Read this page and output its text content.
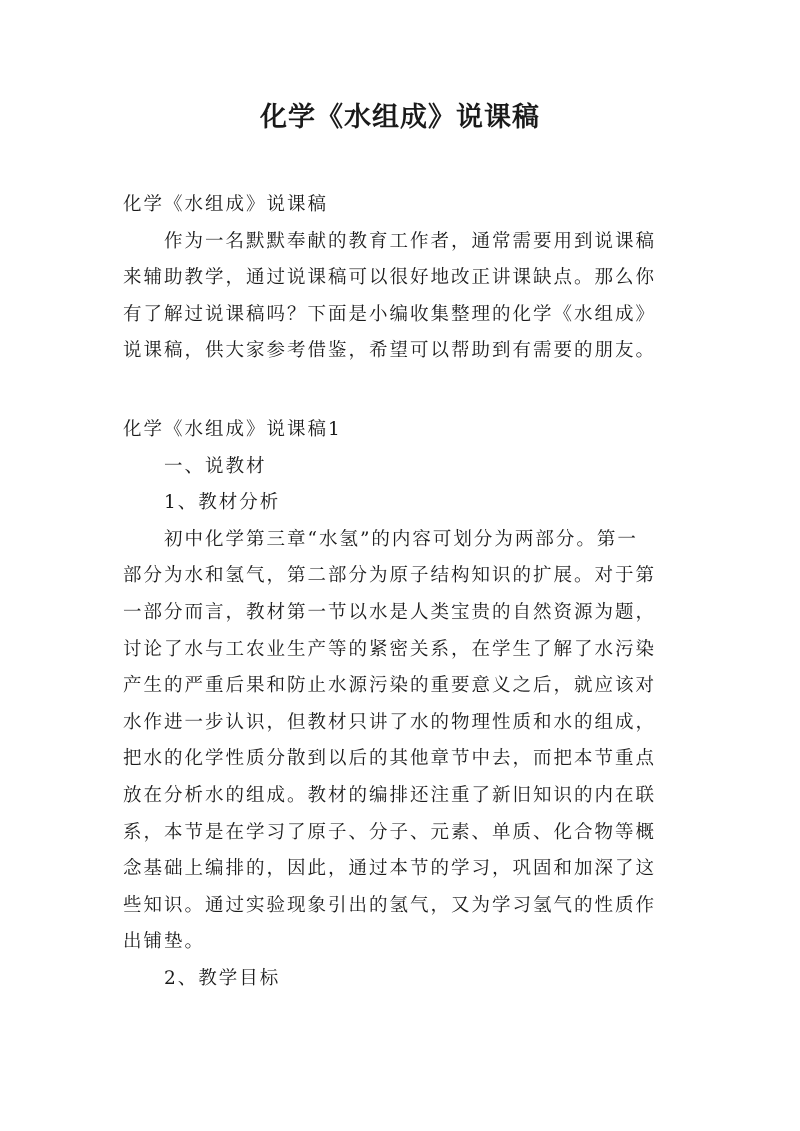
化学《水组成》说课稿
化学《水组成》说课稿
作为一名默默奉献的教育工作者，通常需要用到说课稿
来辅助教学，通过说课稿可以很好地改正讲课缺点。那么你
有了解过说课稿吗？下面是小编收集整理的化学《水组成》
说课稿，供大家参考借鉴，希望可以帮助到有需要的朋友。
化学《水组成》说课稿1
一、说教材
1、教材分析
初中化学第三章“水氢”的内容可划分为两部分。第一
部分为水和氢气，第二部分为原子结构知识的扩展。对于第
一部分而言，教材第一节以水是人类宝贵的自然资源为题，
讨论了水与工农业生产等的紧密关系，在学生了解了水污染
产生的严重后果和防止水源污染的重要意义之后，就应该对
水作进一步认识，但教材只讲了水的物理性质和水的组成，
把水的化学性质分散到以后的其他章节中去，而把本节重点
放在分析水的组成。教材的编排还注重了新旧知识的内在联
系，本节是在学习了原子、分子、元素、单质、化合物等概
念基础上编排的，因此，通过本节的学习，巩固和加深了这
些知识。通过实验现象引出的氢气，又为学习氢气的性质作
出铺垫。
2、教学目标
